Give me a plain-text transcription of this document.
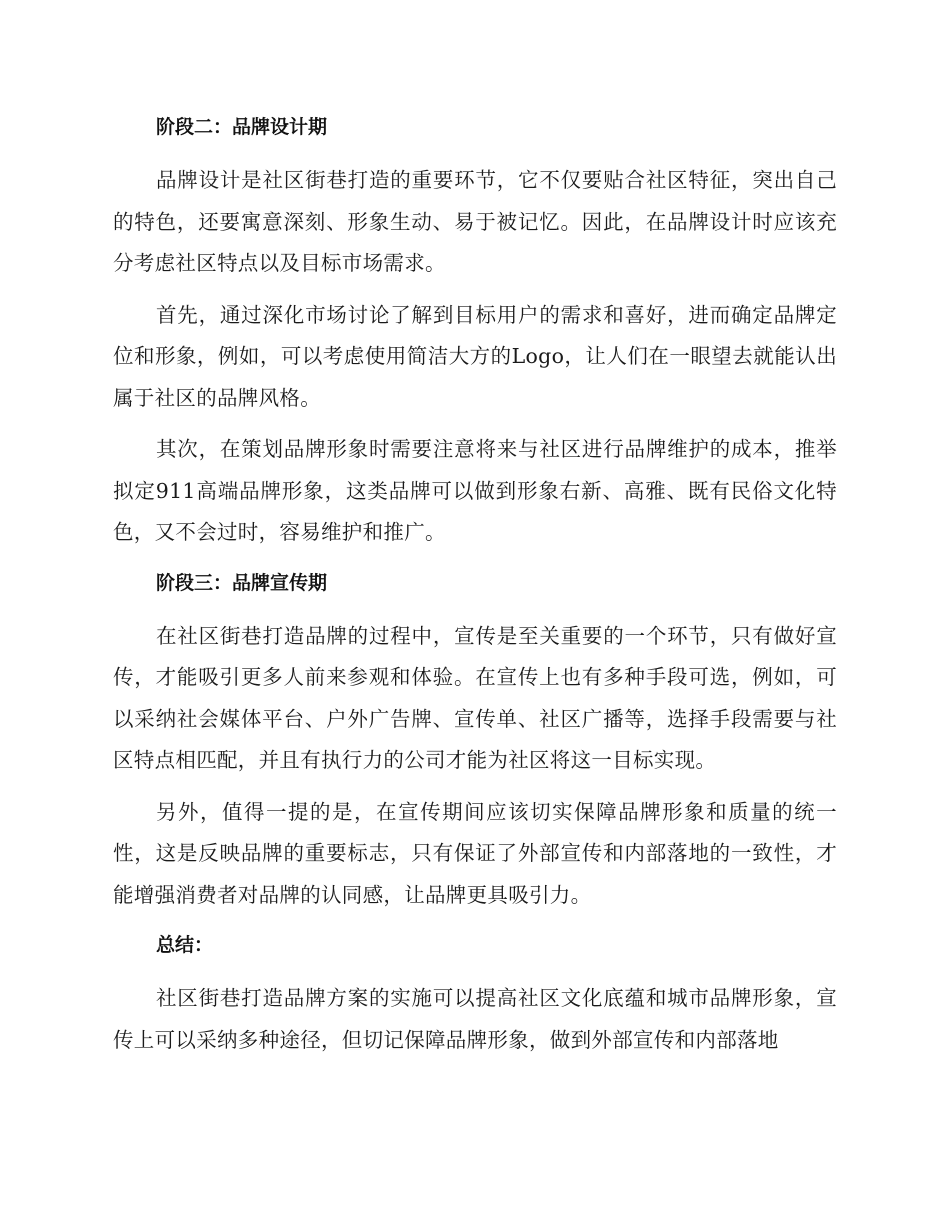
阶段二：品牌设计期

品牌设计是社区街巷打造的重要环节，它不仅要贴合社区特征，突出自己的特色，还要寓意深刻、形象生动、易于被记忆。因此，在品牌设计时应该充分考虑社区特点以及目标市场需求。

首先，通过深化市场讨论了解到目标用户的需求和喜好，进而确定品牌定位和形象，例如，可以考虑使用简洁大方的Logo，让人们在一眼望去就能认出属于社区的品牌风格。

其次，在策划品牌形象时需要注意将来与社区进行品牌维护的成本，推举拟定911高端品牌形象，这类品牌可以做到形象右新、高雅、既有民俗文化特色，又不会过时，容易维护和推广。

阶段三：品牌宣传期

在社区街巷打造品牌的过程中，宣传是至关重要的一个环节，只有做好宣传，才能吸引更多人前来参观和体验。在宣传上也有多种手段可选，例如，可以采纳社会媒体平台、户外广告牌、宣传单、社区广播等，选择手段需要与社区特点相匹配，并且有执行力的公司才能为社区将这一目标实现。

另外，值得一提的是，在宣传期间应该切实保障品牌形象和质量的统一性，这是反映品牌的重要标志，只有保证了外部宣传和内部落地的一致性，才能增强消费者对品牌的认同感，让品牌更具吸引力。

总结：

社区街巷打造品牌方案的实施可以提高社区文化底蕴和城市品牌形象，宣传上可以采纳多种途径，但切记保障品牌形象，做到外部宣传和内部落地
